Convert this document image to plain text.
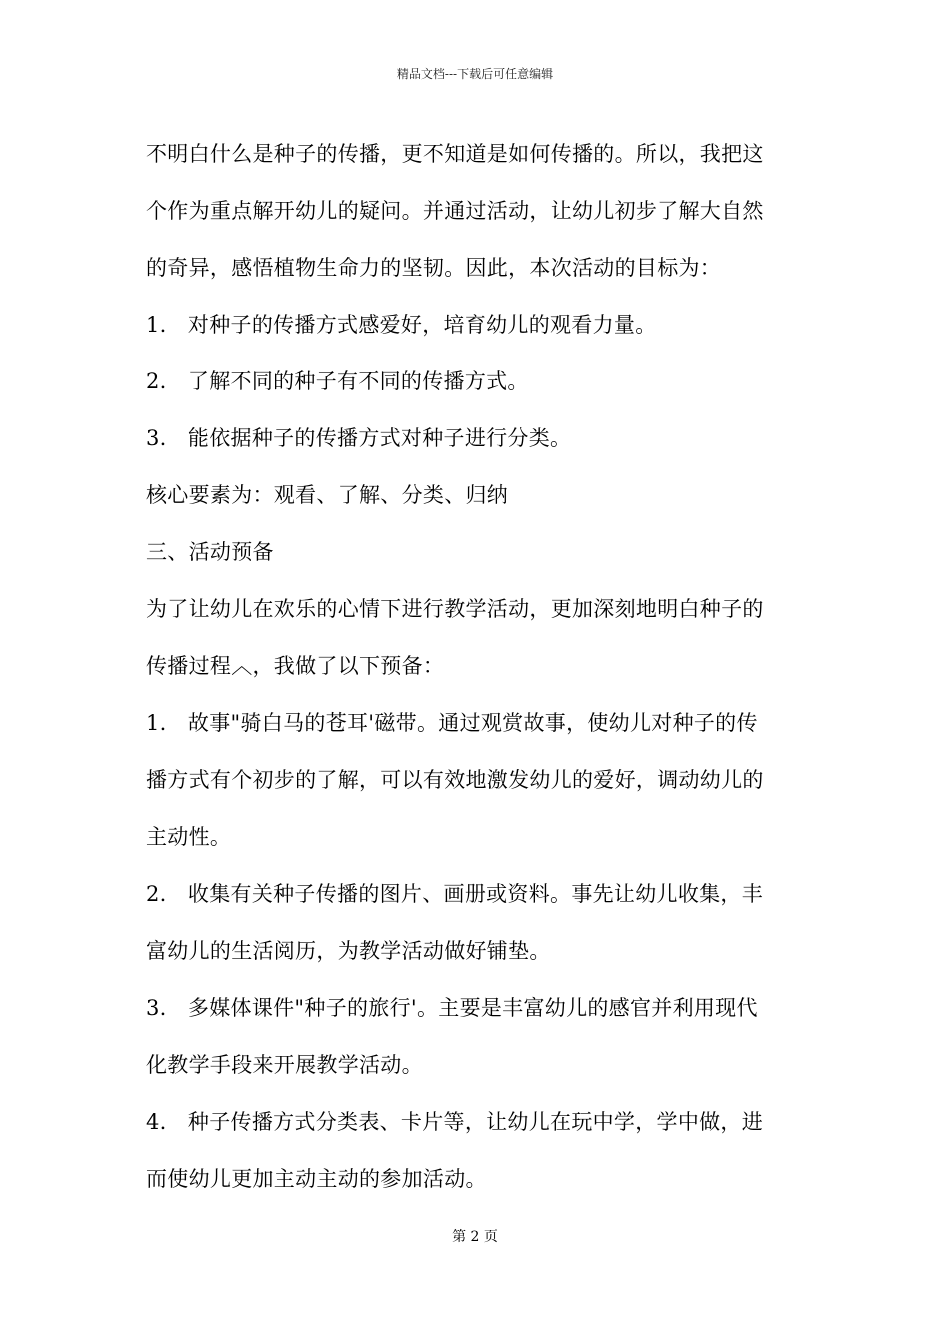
精品文档---下载后可任意编辑
不明白什么是种子的传播，更不知道是如何传播的。所以，我把这
个作为重点解开幼儿的疑问。并通过活动，让幼儿初步了解大自然
的奇异，感悟植物生命力的坚韧。因此，本次活动的目标为：
1.　对种子的传播方式感爱好，培育幼儿的观看力量。
2.　了解不同的种子有不同的传播方式。
3.　能依据种子的传播方式对种子进行分类。
核心要素为：观看、了解、分类、归纳
三、活动预备
为了让幼儿在欢乐的心情下进行教学活动，更加深刻地明白种子的
传播过程︿，我做了以下预备：
1.　故事"骑白马的苍耳'磁带。通过观赏故事，使幼儿对种子的传
播方式有个初步的了解，可以有效地激发幼儿的爱好，调动幼儿的
主动性。
2.　收集有关种子传播的图片、画册或资料。事先让幼儿收集，丰
富幼儿的生活阅历，为教学活动做好铺垫。
3.　多媒体课件"种子的旅行'。主要是丰富幼儿的感官并利用现代
化教学手段来开展教学活动。
4.　种子传播方式分类表、卡片等，让幼儿在玩中学，学中做，进
而使幼儿更加主动主动的参加活动。
第 2 页
